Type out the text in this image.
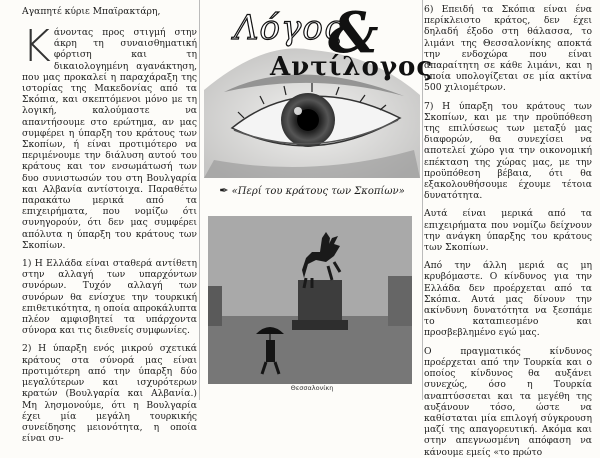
Αγαπητέ κύριε Μπαϊρακτάρη,

Κάνοντας προς στιγμή στην άκρη τη συναισθηματική φόρτιση και τη δικαιολογημένη αγανάκτηση, που μας προκαλεί η παραχάραξη της ιστορίας της Μακεδονίας από τα Σκόπια, και σκεπτόμενοι μόνο με τη λογική, καλούμαστε να απαντήσουμε στο ερώτημα, αν μας συμφέρει η ύπαρξη του κράτους των Σκοπίων, ή είναι προτιμότερο να περιμένουμε την διάλυση αυτού του κράτους και τον ενσωμάτωσή των δυο συνιστωσών του στη Βουλγαρία και Αλβανία αντίστοιχα. Παραθέτω παρακάτω μερικά από τα επιχειρήματα, που νομίζω ότι συνηγορούν, ότι δεν μας συμφέρει απόλυτα η ύπαρξη του κράτους των Σκοπίων.

1) Η Ελλάδα είναι σταθερά αντίθετη στην αλλαγή των υπαρχόντων συνόρων. Τυχόν αλλαγή των συνόρων θα ενίσχυε την τουρκική επιθετικότητα, η οποία απροκάλυπτα πλέον αμφισβητεί τα υπάρχοντα σύνορα και τις διεθνείς συμφωνίες.

2) Η ύπαρξη ενός μικρού σχετικά κράτους στα σύνορά μας είναι προτιμότερη από την ύπαρξη δύο μεγαλύτερων και ισχυρότερων κρατών (Βουλγαρία και Αλβανία.) Μη λησμονούμε, ότι η Βουλγαρία έχει μία μεγάλη τουρκικής συνείδησης μειονότητα, η οποία είναι συ-

Λόγος
&
Αντίλογος
✒ «Περί του κράτους των Σκοπίων»
Θεσσαλονίκη

6) Επειδή τα Σκόπια είναι ένα περίκλειστο κράτος, δεν έχει δηλαδή έξοδο στη θάλασσα, το λιμάνι της Θεσσαλονίκης αποκτά την ενδοχώρα που είναι απαραίτητη σε κάθε λιμάνι, και η οποία υπολογίζεται σε μία ακτίνα 500 χιλιομέτρων.

7) Η ύπαρξη του κράτους των Σκοπίων, και με την προϋπόθεση της επιλύσεως των μεταξύ μας διαφορών, θα συνεχίσει να αποτελεί χώρο για την οικονομική επέκταση της χώρας μας, με την προϋπόθεση βέβαια, ότι θα εξακολουθήσουμε έχουμε τέτοια δυνατότητα.

Αυτά είναι μερικά από τα επιχειρήματα που νομίζω δείχνουν την ανάγκη ύπαρξης του κράτους των Σκοπίων.

Από την άλλη μεριά ας μη κρυβόμαστε. Ο κίνδυνος για την Ελλάδα δεν προέρχεται από τα Σκόπια. Αυτά μας δίνουν την ακίνδυνη δυνατότητα να ξεσπάμε το καταπιεσμένο και προσβεβλημένο εγώ μας.

Ο πραγματικός κίνδυνος προέρχεται από την Τουρκία και ο οποίος κίνδυνος θα αυξάνει συνεχώς, όσο η Τουρκία αναπτύσσεται και τα μεγέθη της αυξάνουν τόσο, ώστε να καθίσταται μία επιλογή σύγκρουση μαζί της απαγορευτική. Ακόμα και στην απεγνωσμένη απόφαση να κάνουμε εμείς «το πρώτο
